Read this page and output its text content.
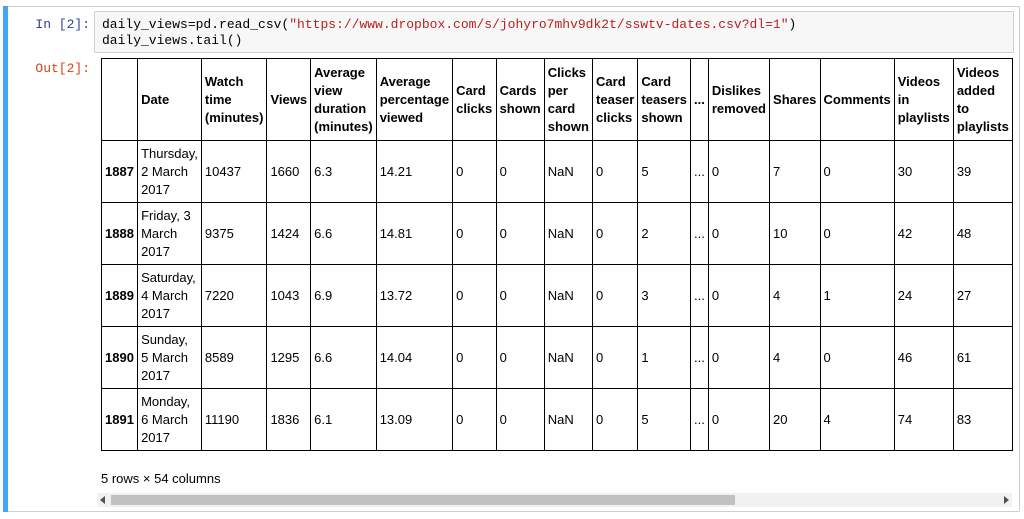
In [2]: daily_views=pd.read_csv("https://www.dropbox.com/s/johyro7mhv9dk2t/sswtv-dates.csv?dl=1")
daily_views.tail()
Out[2]:
	Date	Watch time (minutes)	Views	Average view duration (minutes)	Average percentage viewed	Card clicks	Cards shown	Clicks per card shown	Card teaser clicks	Card teasers shown	...	Dislikes removed	Shares	Comments	Videos in playlists	Videos added to playlists
1887	Thursday, 2 March 2017	10437	1660	6.3	14.21	0	0	NaN	0	5	...	0	7	0	30	39
1888	Friday, 3 March 2017	9375	1424	6.6	14.81	0	0	NaN	0	2	...	0	10	0	42	48
1889	Saturday, 4 March 2017	7220	1043	6.9	13.72	0	0	NaN	0	3	...	0	4	1	24	27
1890	Sunday, 5 March 2017	8589	1295	6.6	14.04	0	0	NaN	0	1	...	0	4	0	46	61
1891	Monday, 6 March 2017	11190	1836	6.1	13.09	0	0	NaN	0	5	...	0	20	4	74	83
5 rows × 54 columns
